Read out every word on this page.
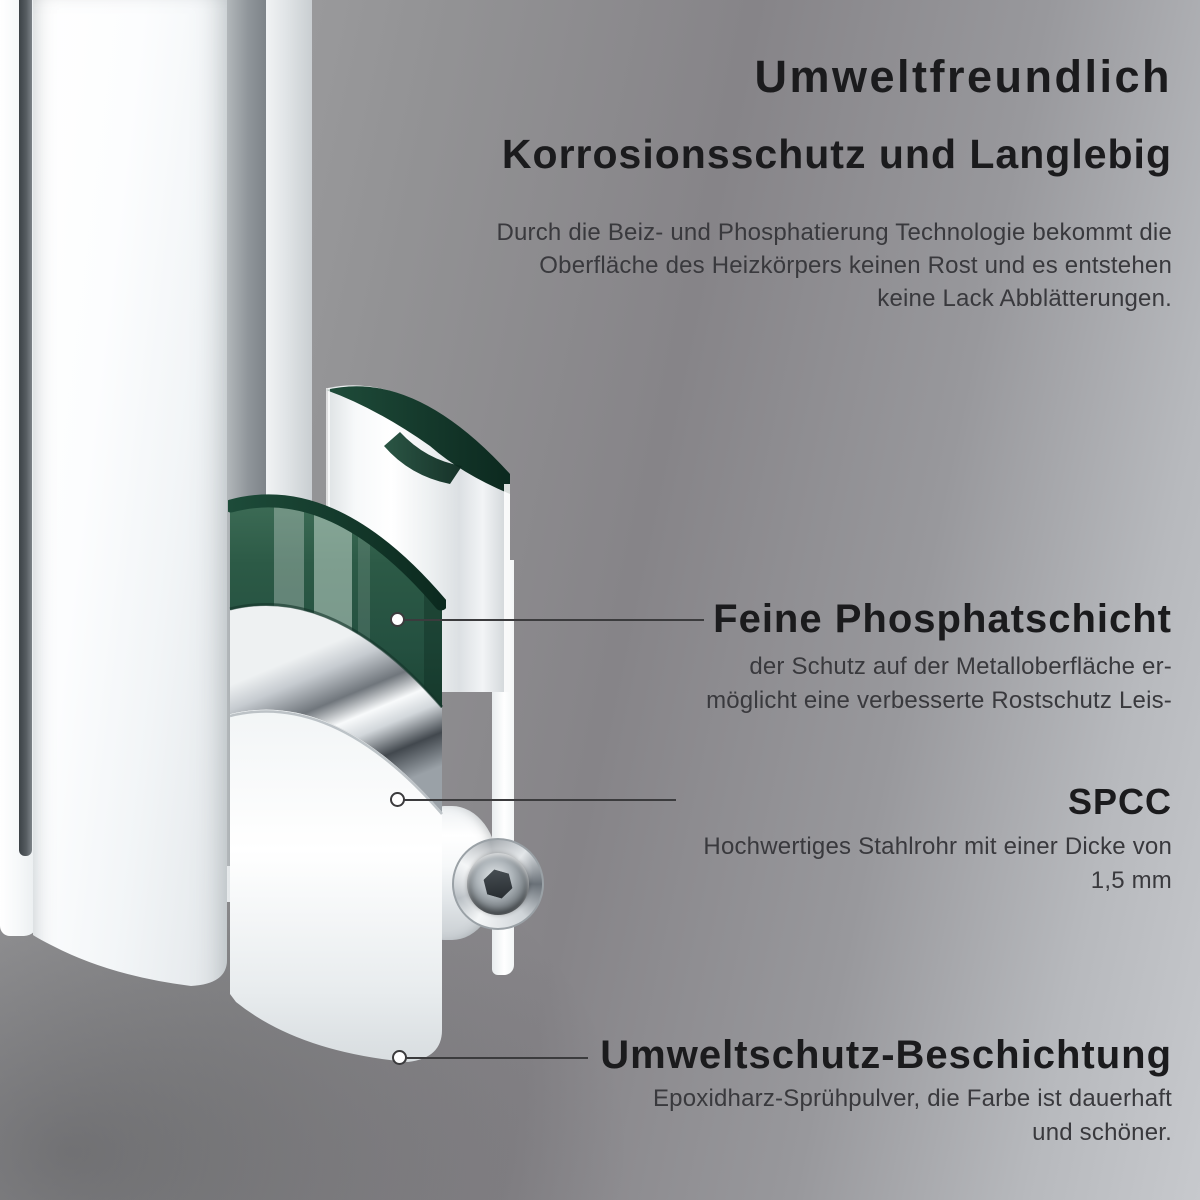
Umweltfreundlich
Korrosionsschutz und Langlebig
Durch die Beiz- und Phosphatierung Technologie bekommt die
Oberfläche des Heizkörpers keinen Rost und es entstehen
keine Lack Abblätterungen.
Feine Phosphatschicht
der Schutz auf der Metalloberfläche er-
möglicht eine verbesserte Rostschutz Leis-
SPCC
Hochwertiges Stahlrohr mit einer Dicke von
1,5 mm
Umweltschutz-Beschichtung
Epoxidharz-Sprühpulver, die Farbe ist dauerhaft
und schöner.
